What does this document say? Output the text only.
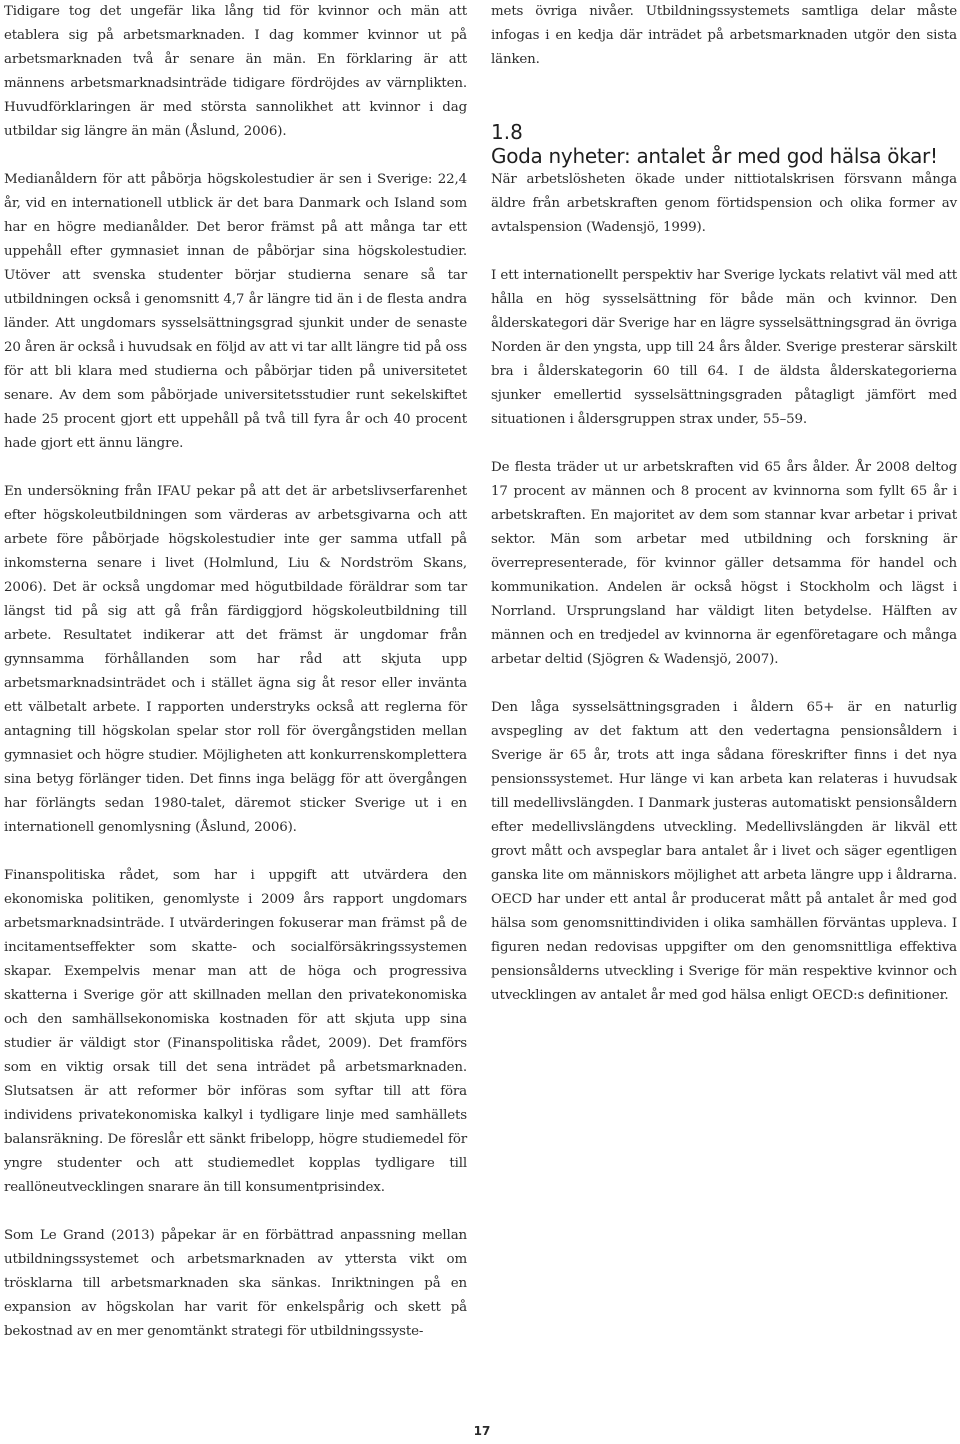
Tidigare tog det ungefär lika lång tid för kvinnor och män att etablera sig på arbetsmarknaden. I dag kommer kvinnor ut på arbetsmarknaden två år senare än män. En förklaring är att männens arbetsmarknadsinträde tidigare fördröjdes av värnplikten. Huvudförklaringen är med största sannolikhet att kvinnor i dag utbildar sig längre än män (Åslund, 2006).

Medianåldern för att påbörja högskolestudier är sen i Sverige: 22,4 år, vid en internationell utblick är det bara Danmark och Island som har en högre medianålder. Det beror främst på att många tar ett uppehåll efter gymnasiet innan de påbörjar sina högskolestudier. Utöver att svenska studenter börjar studierna senare så tar utbildningen också i genomsnitt 4,7 år längre tid än i de flesta andra länder. Att ungdomars sysselsättningsgrad sjunkit under de senaste 20 åren är också i huvudsak en följd av att vi tar allt längre tid på oss för att bli klara med studierna och påbörjar tiden på universitetet senare. Av dem som påbörjade universitetsstudier runt sekelskiftet hade 25 procent gjort ett uppehåll på två till fyra år och 40 procent hade gjort ett ännu längre.

En undersökning från IFAU pekar på att det är arbetslivserfarenhet efter högskoleutbildningen som värderas av arbetsgivarna och att arbete före påbörjade högskolestudier inte ger samma utfall på inkomsterna senare i livet (Holmlund, Liu & Nordström Skans, 2006). Det är också ungdomar med högutbildade föräldrar som tar längst tid på sig att gå från färdiggjord högskoleutbildning till arbete. Resultatet indikerar att det främst är ungdomar från gynnsamma förhållanden som har råd att skjuta upp arbetsmarknadsinträdet och i stället ägna sig åt resor eller inväntа ett välbetalt arbete. I rapporten understryks också att reglerna för antagning till högskolan spelar stor roll för övergångstiden mellan gymnasiet och högre studier. Möjligheten att konkurrenskomplettera sina betyg förlänger tiden. Det finns inga belägg för att övergången har förlängts sedan 1980-talet, däremot sticker Sverige ut i en internationell genomlysning (Åslund, 2006).

Finanspolitiska rådet, som har i uppgift att utvärdera den ekonomiska politiken, genomlyste i 2009 års rapport ungdomars arbetsmarknadsinträde. I utvärderingen fokuserar man främst på de incitamentseffekter som skatte- och socialförsäkringssystemen skapar. Exempelvis menar man att de höga och progressiva skatterna i Sverige gör att skillnaden mellan den privatekonomiska och den samhällsekonomiska kostnaden för att skjuta upp sina studier är väldigt stor (Finanspolitiska rådet, 2009). Det framförs som en viktig orsak till det sena inträdet på arbetsmarknaden. Slutsatsen är att reformer bör införas som syftar till att föra individens privatekonomiska kalkyl i tydligare linje med samhällets balansräkning. De föreslår ett sänkt fribelopp, högre studiemedel för yngre studenter och att studiemedlet kopplas tydligare till reallöneutvecklingen snarare än till konsumentprisindex.

Som Le Grand (2013) påpekar är en förbättrad anpassning mellan utbildningssystemet och arbetsmarknaden av yttersta vikt om trösklarna till arbetsmarknaden ska sänkas. Inriktningen på en expansion av högskolan har varit för enkelspårig och skett på bekostnad av en mer genomtänkt strategi för utbildningssyste-

mets övriga nivåer. Utbildningssystemets samtliga delar måste infogas i en kedja där inträdet på arbetsmarknaden utgör den sista länken.

1.8

Goda nyheter: antalet år med god hälsa ökar!

När arbetslösheten ökade under nittiotalskrisen försvann många äldre från arbetskraften genom förtidspension och olika former av avtalspension (Wadensjö, 1999).

I ett internationellt perspektiv har Sverige lyckats relativt väl med att hålla en hög sysselsättning för både män och kvinnor. Den ålderskategori där Sverige har en lägre sysselsättningsgrad än övriga Norden är den yngsta, upp till 24 års ålder. Sverige presterar särskilt bra i ålderskategorin 60 till 64. I de äldsta ålderskategorierna sjunker emellertid sysselsättningsgraden påtagligt jämfört med situationen i åldersgruppen strax under, 55–59.

De flesta träder ut ur arbetskraften vid 65 års ålder. År 2008 deltog 17 procent av männen och 8 procent av kvinnorna som fyllt 65 år i arbetskraften. En majoritet av dem som stannar kvar arbetar i privat sektor. Män som arbetar med utbildning och forskning är överrepresenterade, för kvinnor gäller detsamma för handel och kommunikation. Andelen är också högst i Stockholm och lägst i Norrland. Ursprungsland har väldigt liten betydelse. Hälften av männen och en tredjedel av kvinnorna är egenföretagare och många arbetar deltid (Sjögren & Wadensjö, 2007).

Den låga sysselsättningsgraden i åldern 65+ är en naturlig avspegling av det faktum att den vedertagna pensionsåldern i Sverige är 65 år, trots att inga sådana föreskrifter finns i det nya pensionssystemet. Hur länge vi kan arbeta kan relateras i huvudsak till medellivslängden. I Danmark justeras automatiskt pensionsåldern efter medellivslängdens utveckling. Medellivslängden är likväl ett grovt mått och avspeglar bara antalet år i livet och säger egentligen ganska lite om människors möjlighet att arbeta längre upp i åldrarna. OECD har under ett antal år producerat mått på antalet år med god hälsa som genomsnittindividen i olika samhällen förväntas uppleva. I figuren nedan redovisas uppgifter om den genomsnittliga effektiva pensionsålderns utveckling i Sverige för män respektive kvinnor och utvecklingen av antalet år med god hälsa enligt OECD:s definitioner.

17
